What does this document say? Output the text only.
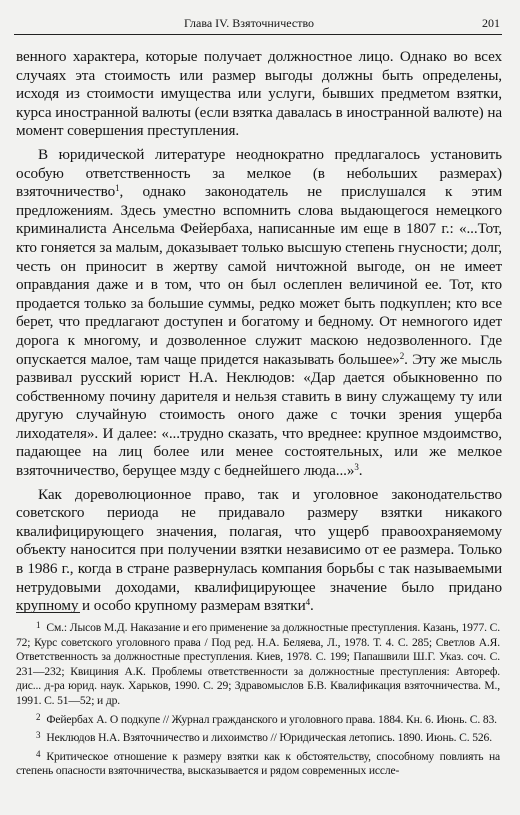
Глава IV. Взяточничество	201

венного характера, которые получает должностное лицо. Однако во всех случаях эта стоимость или размер выгоды должны быть определены, исходя из стоимости имущества или услуги, бывших предметом взятки, курса иностранной валюты (если взятка давалась в иностранной валюте) на момент совершения преступления.

В юридической литературе неоднократно предлагалось установить особую ответственность за мелкое (в небольших размерах) взяточничество$^1$, однако законодатель не прислушался к этим предложениям. Здесь уместно вспомнить слова выдающегося немецкого криминалиста Ансельма Фейербаха, написанные им еще в 1807 г.: «...Тот, кто гоняется за малым, доказывает только высшую степень гнусности; долг, честь он приносит в жертву самой ничтожной выгоде, он не имеет оправдания даже и в том, что он был ослеплен величиной ее. Тот, кто продается только за большие суммы, редко может быть подкуплен; кто все берет, что предлагают доступен и богатому и бедному. От немногого идет дорога к многому, и дозволенное служит маскою недозволенного. Где опускается малое, там чаще придется наказывать большее»$^2$. Эту же мысль развивал русский юрист Н.А. Неклюдов: «Дар дается обыкновенно по собственному почину дарителя и нельзя ставить в вину служащему ту или другую случайную стоимость оного даже с точки зрения ущерба лиходателя». И далее: «...трудно сказать, что вреднее: крупное мздоимство, падающее на лиц более или менее состоятельных, или же мелкое взяточничество, берущее мзду с беднейшего люда...»$^3$.

Как дореволюционное право, так и уголовное законодательство советского периода не придавало размеру взятки никакого квалифицирующего значения, полагая, что ущерб правоохраняемому объекту наносится при получении взятки независимо от ее размера. Только в 1986 г., когда в стране развернулась компания борьбы с так называемыми нетрудовыми доходами, квалифицирующее значение было придано крупному и особо крупному размерам взятки$^4$.

$^1$ См.: Лысов М.Д. Наказание и его применение за должностные преступления. Казань, 1977. С. 72; Курс советского уголовного права / Под ред. Н.А. Беляева, Л., 1978. Т. 4. С. 285; Светлов А.Я. Ответственность за должностные преступления. Киев, 1978. С. 199; Папашвили Ш.Г. Указ. соч. С. 231—232; Квициния А.К. Проблемы ответственности за должностные преступления: Автореф. дис... д-ра юрид. наук. Харьков, 1990. С. 29; Здравомыслов Б.В. Квалификация взяточничества. М., 1991. С. 51—52; и др.

$^2$ Фейербах А. О подкупе // Журнал гражданского и уголовного права. 1884. Кн. 6. Июнь. С. 83.

$^3$ Неклюдов Н.А. Взяточничество и лихоимство // Юридическая летопись. 1890. Июнь. С. 526.

$^4$ Критическое отношение к размеру взятки как к обстоятельству, способному повлиять на степень опасности взяточничества, высказывается и рядом современных иссле-
